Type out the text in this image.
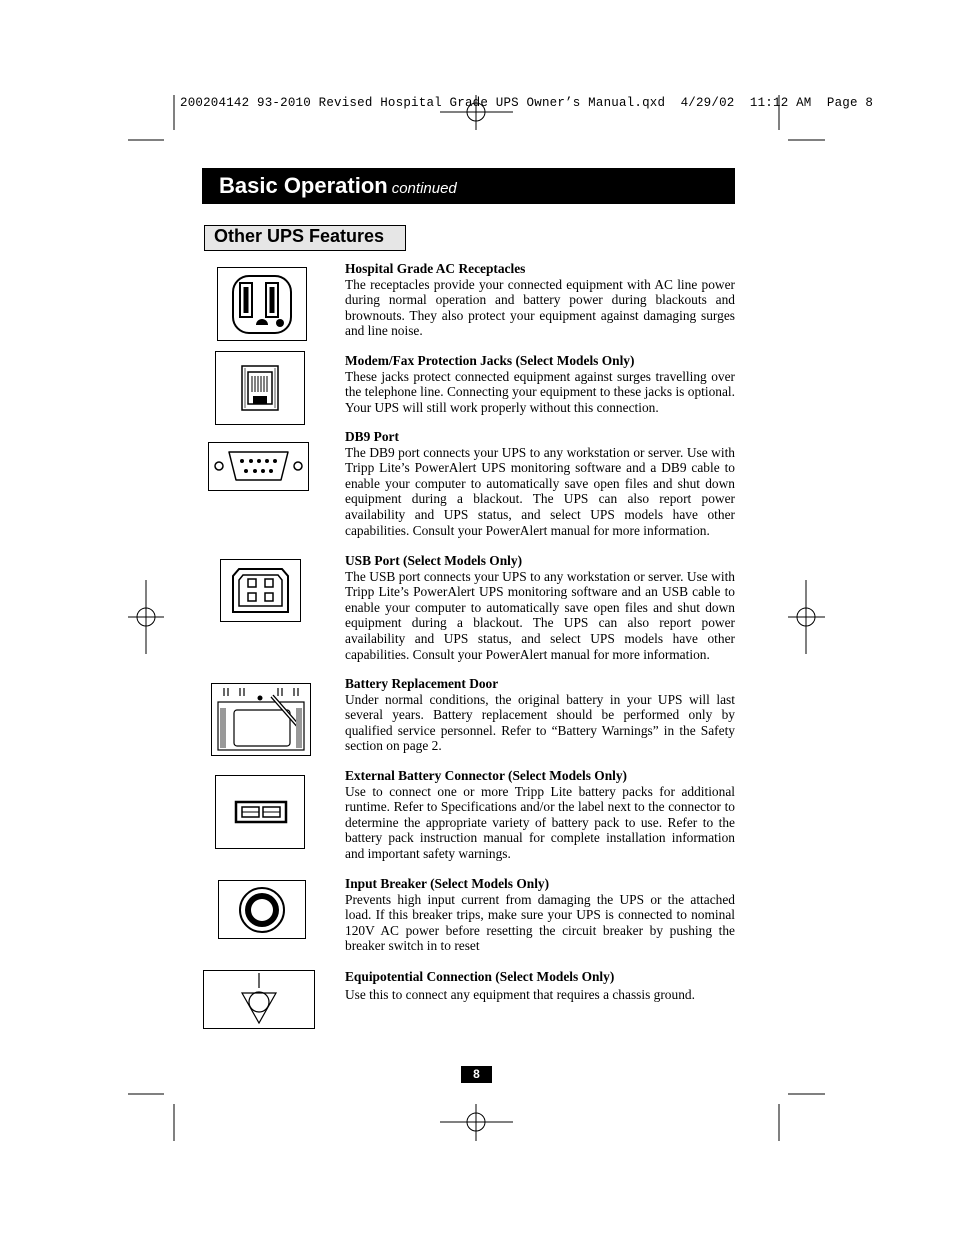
200204142 93-2010 Revised Hospital Grade UPS Owner’s Manual.qxd  4/29/02  11:12 AM  Page 8
Basic Operation continued
Other UPS Features
Hospital Grade AC Receptacles
The receptacles provide your connected equipment with AC line power during normal operation and battery power during blackouts and brownouts. They also protect your equipment against damaging surges and line noise.
Modem/Fax Protection Jacks (Select Models Only)
These jacks protect connected equipment against surges travelling over the telephone line. Connecting your equipment to these jacks is optional. Your UPS will still work properly without this connection.
DB9 Port
The DB9 port connects your UPS to any workstation or server. Use with Tripp Lite’s PowerAlert UPS monitoring software and a DB9 cable to enable your computer to automatically save open files and shut down equipment during a blackout. The UPS can also report power availability and UPS status, and select UPS models have other capabilities. Consult your PowerAlert manual for more information.
USB Port (Select Models Only)
The USB port connects your UPS to any workstation or server. Use with Tripp Lite’s PowerAlert UPS monitoring software and an USB cable to enable your computer to automatically save open files and shut down equipment during a blackout. The UPS can also report power availability and UPS status, and select UPS models have other capabilities. Consult your PowerAlert manual for more information.
Battery Replacement Door
Under normal conditions, the original battery in your UPS will last several years. Battery replacement should be performed only by qualified service personnel. Refer to “Battery Warnings” in the Safety section on page 2.
External Battery Connector (Select Models Only)
Use to connect one or more Tripp Lite battery packs for additional runtime. Refer to Specifications and/or the label next to the connector to determine the appropriate variety of battery pack to use. Refer to the battery pack instruction manual for complete installation information and important safety warnings.
Input Breaker (Select Models Only)
Prevents high input current from damaging the UPS or the attached load. If this breaker trips, make sure your UPS is connected to nominal 120V AC power before resetting the circuit breaker by pushing the breaker switch in to reset
Equipotential Connection (Select Models Only)
Use this to connect any equipment that requires a chassis ground.
8
